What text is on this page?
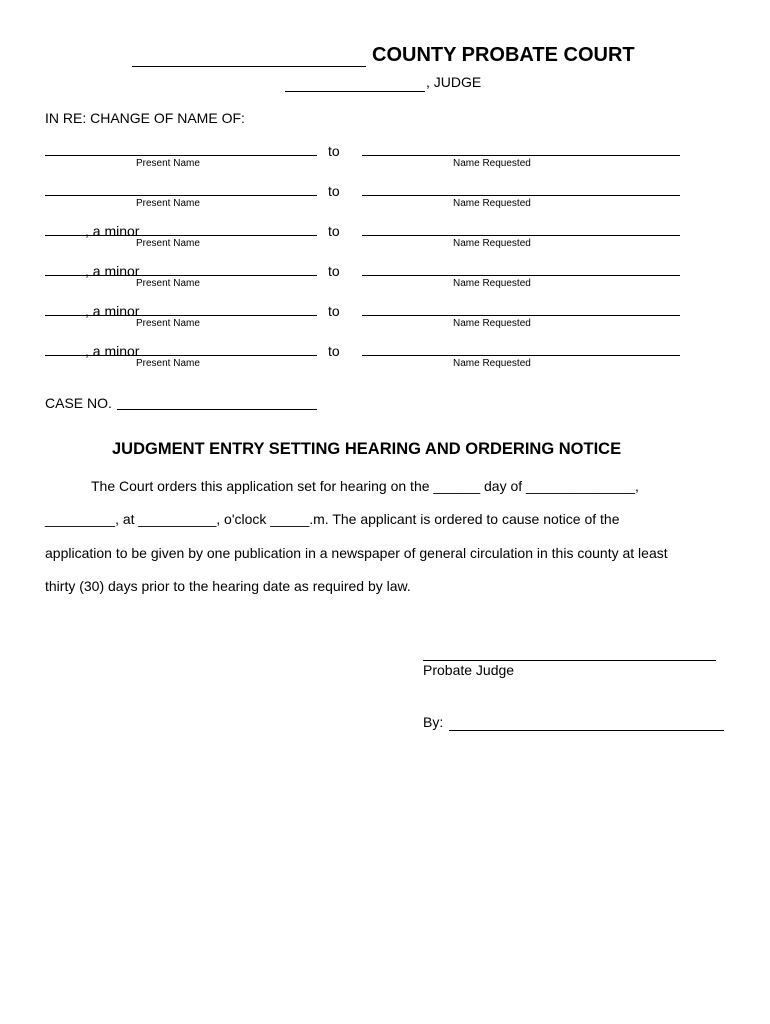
COUNTY PROBATE COURT
, JUDGE
IN RE: CHANGE OF NAME OF:
to
Present Name	Name Requested
to
Present Name	Name Requested
, a minor	to
Present Name	Name Requested
, a minor	to
Present Name	Name Requested
, a minor	to
Present Name	Name Requested
, a minor	to
Present Name	Name Requested
CASE NO.
JUDGMENT ENTRY SETTING HEARING AND ORDERING NOTICE
The Court orders this application set for hearing on the ______ day of ______________,
_________, at __________, o'clock _____.m. The applicant is ordered to cause notice of the
application to be given by one publication in a newspaper of general circulation in this county at least
thirty (30) days prior to the hearing date as required by law.
Probate Judge
By:
